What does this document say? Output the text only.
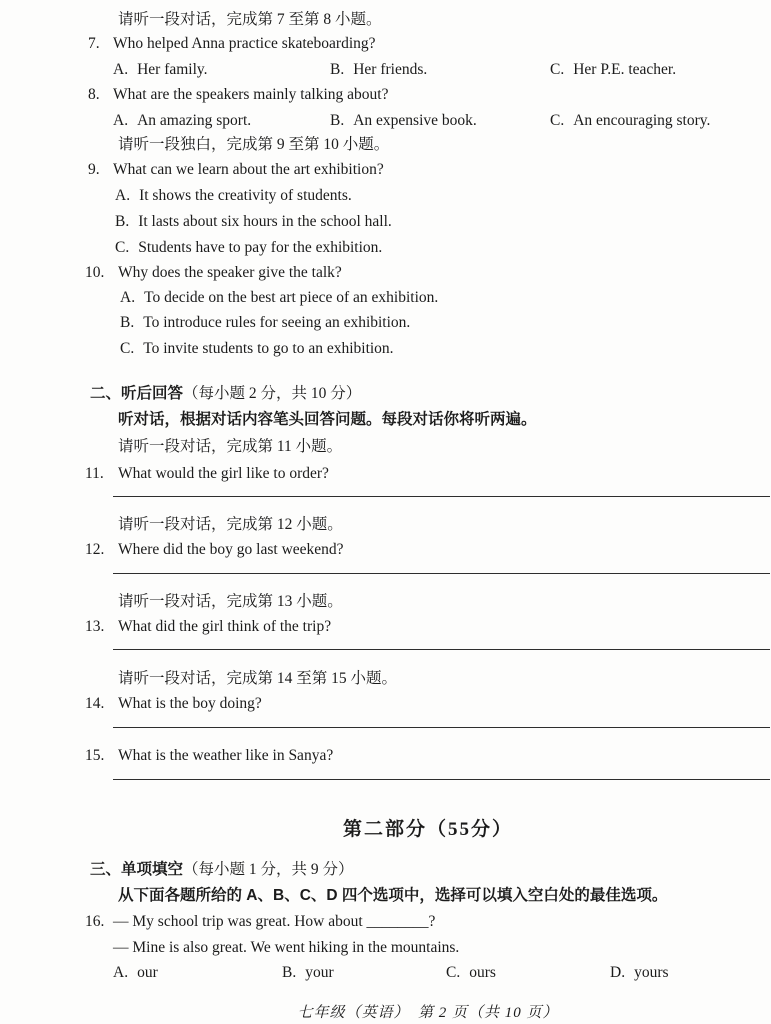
请听一段对话，完成第 7 至第 8 小题。
7. Who helped Anna practice skateboarding?
A. Her family.	B. Her friends.	C. Her P.E. teacher.
8. What are the speakers mainly talking about?
A. An amazing sport.	B. An expensive book.	C. An encouraging story.
请听一段独白，完成第 9 至第 10 小题。
9. What can we learn about the art exhibition?
A. It shows the creativity of students.
B. It lasts about six hours in the school hall.
C. Students have to pay for the exhibition.
10. Why does the speaker give the talk?
A. To decide on the best art piece of an exhibition.
B. To introduce rules for seeing an exhibition.
C. To invite students to go to an exhibition.
二、听后回答（每小题 2 分，共 10 分）
听对话，根据对话内容笔头回答问题。每段对话你将听两遍。
请听一段对话，完成第 11 小题。
11. What would the girl like to order?
请听一段对话，完成第 12 小题。
12. Where did the boy go last weekend?
请听一段对话，完成第 13 小题。
13. What did the girl think of the trip?
请听一段对话，完成第 14 至第 15 小题。
14. What is the boy doing?
15. What is the weather like in Sanya?
第二部分（55分）
三、单项填空（每小题 1 分，共 9 分）
从下面各题所给的 A、B、C、D 四个选项中，选择可以填入空白处的最佳选项。
16. — My school trip was great. How about ________?
— Mine is also great. We went hiking in the mountains.
A. our	B. your	C. ours	D. yours
七年级（英语）　第 2 页（共 10 页）
